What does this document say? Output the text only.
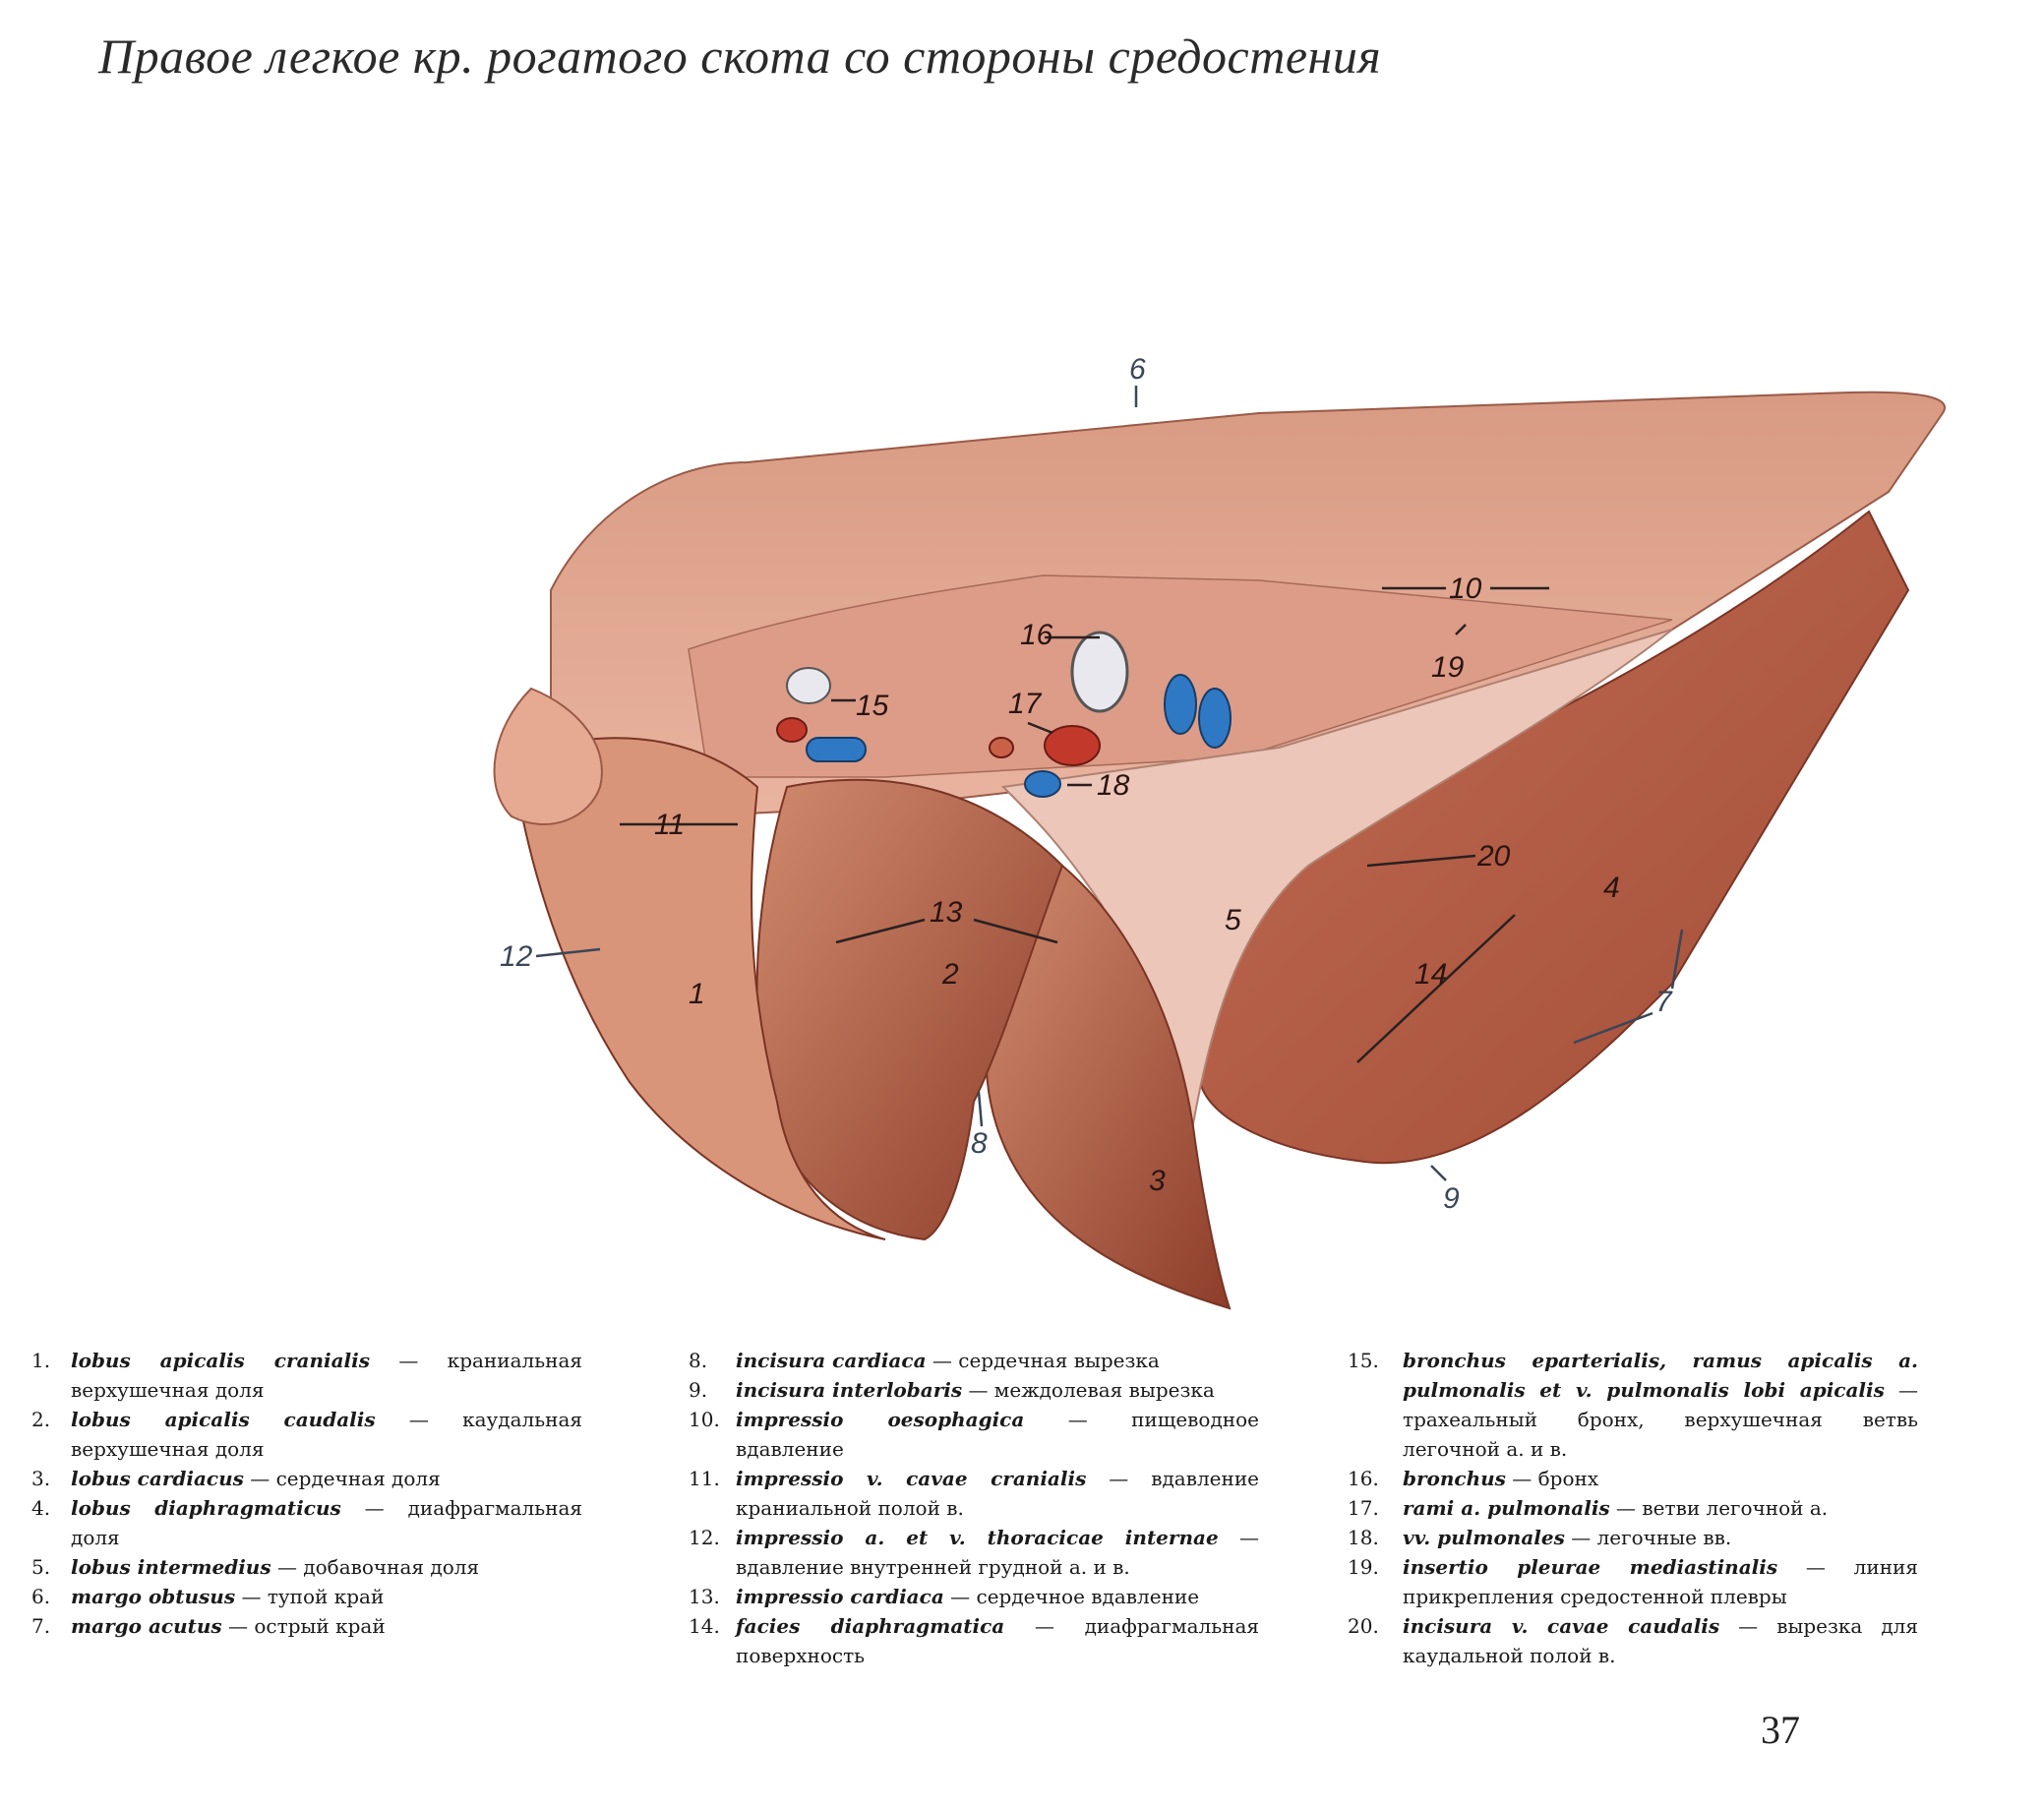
Правое легкое кр. рогатого скота со стороны средостения
1
2
3
4
5
6
7
8
9
10
11
12
13
14
15
16
17
18
19
20
1.	lobus apicalis cranialis — краниальная верхушечная доля
2.	lobus apicalis caudalis — каудальная верхушечная доля
3.	lobus cardiacus — сердечная доля
4.	lobus diaphragmaticus — диафрагмальная доля
5.	lobus intermedius — добавочная доля
6.	margo obtusus — тупой край
7.	margo acutus — острый край
8.	incisura cardiaca — сердечная вырезка
9.	incisura interlobaris — междолевая вырезка
10. impressio oesophagica — пищеводное вдавление
11. impressio v. cavae cranialis — вдавление краниальной полой в.
12. impressio a. et v. thoracicae internae — вдавление внутренней грудной а. и в.
13. impressio cardiaca — сердечное вдавление
14. facies diaphragmatica — диафрагмальная поверхность
15.	bronchus eparterialis, ramus apicalis a. pulmonalis et v. pulmonalis lobi apicalis — трахеальный бронх, верхушечная ветвь легочной а. и в.
16.	bronchus — бронх
17.	rami a. pulmonalis — ветви легочной а.
18.	vv. pulmonales — легочные вв.
19.	insertio pleurae mediastinalis — линия прикрепления средостенной плевры
20.	incisura v. cavae caudalis — вырезка для каудальной полой в.
37
